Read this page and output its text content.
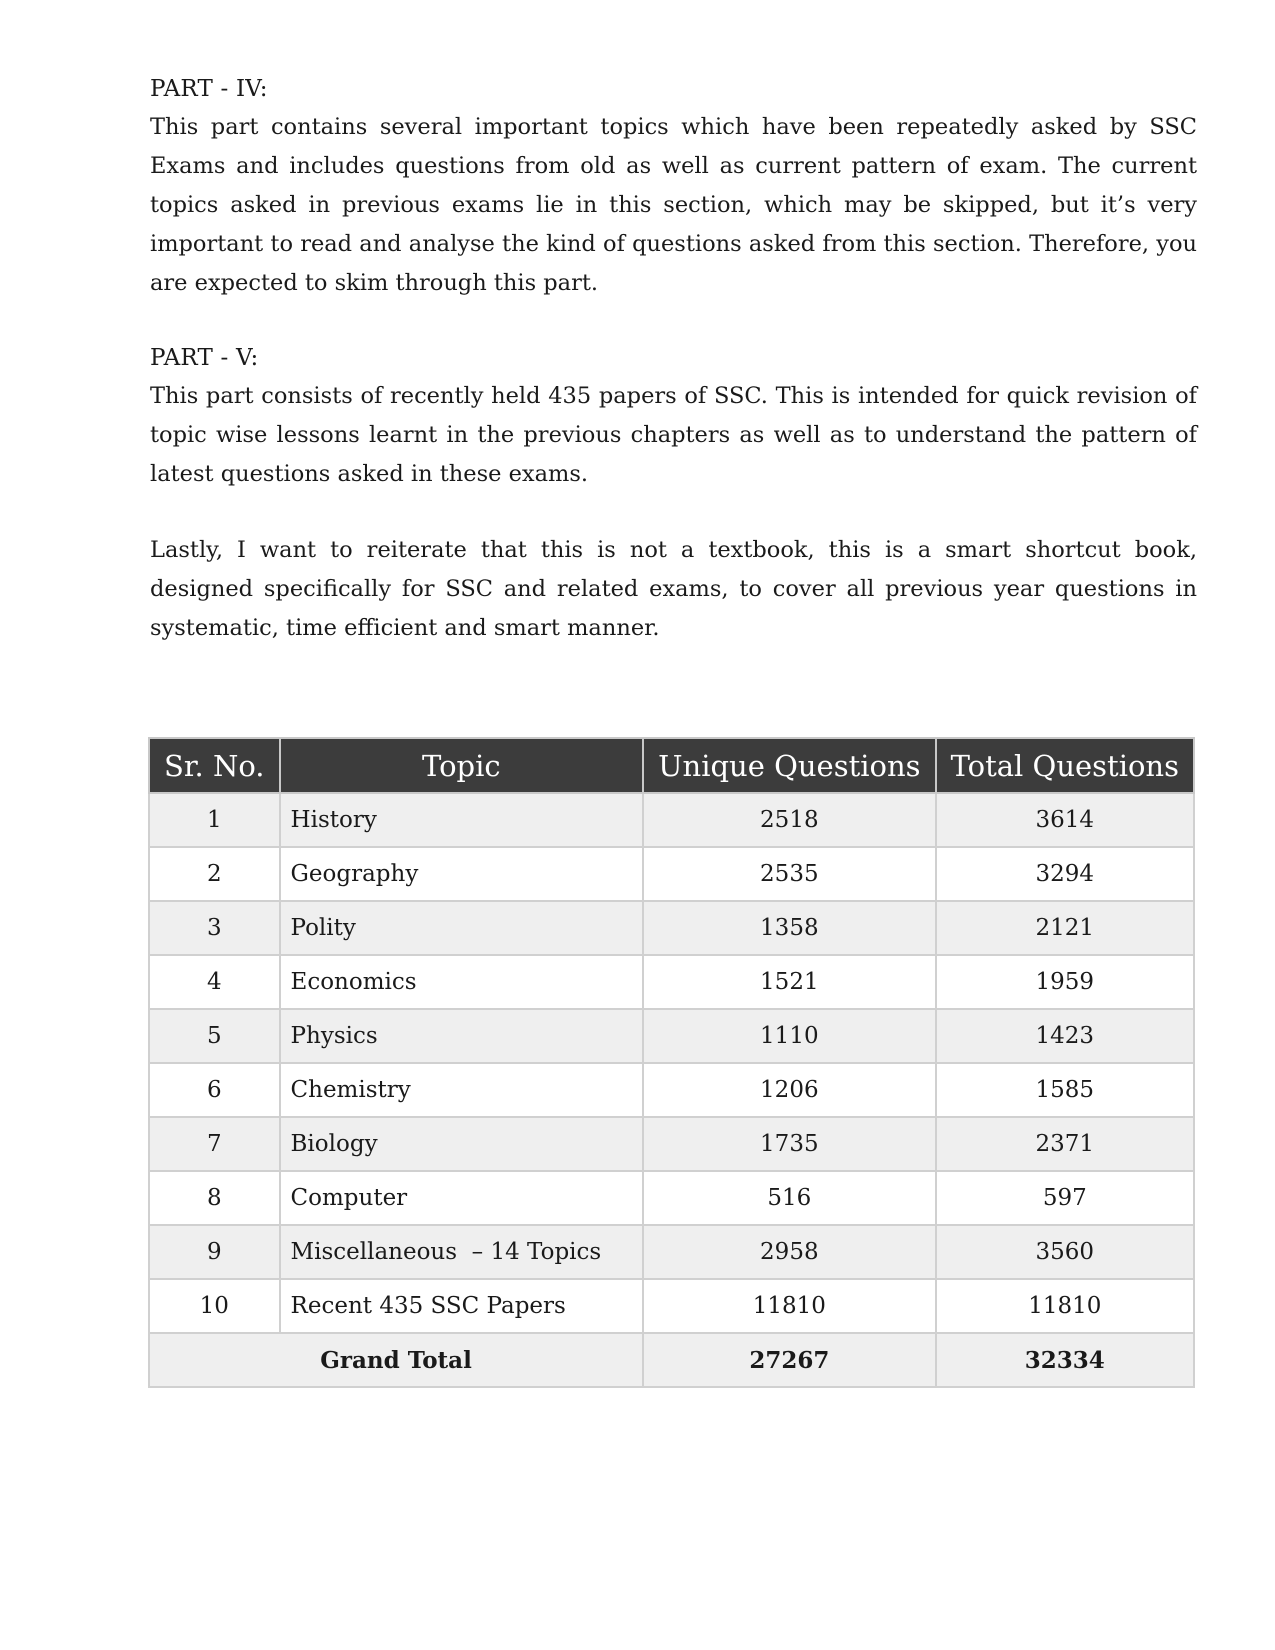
PART - IV:

This part contains several important topics which have been repeatedly asked by SSC Exams and includes questions from old as well as current pattern of exam. The current topics asked in previous exams lie in this section, which may be skipped, but it’s very important to read and analyse the kind of questions asked from this section. Therefore, you are expected to skim through this part.

PART - V:

This part consists of recently held 435 papers of SSC. This is intended for quick revision of topic wise lessons learnt in the previous chapters as well as to understand the pattern of latest questions asked in these exams.

Lastly, I want to reiterate that this is not a textbook, this is a smart shortcut book, designed specifically for SSC and related exams, to cover all previous year questions in systematic, time efficient and smart manner.

Sr. No.	Topic	Unique Questions	Total Questions
1	History	2518	3614
2	Geography	2535	3294
3	Polity	1358	2121
4	Economics	1521	1959
5	Physics	1110	1423
6	Chemistry	1206	1585
7	Biology	1735	2371
8	Computer	516	597
9	Miscellaneous  – 14 Topics	2958	3560
10	Recent 435 SSC Papers	11810	11810
Grand Total		27267	32334
